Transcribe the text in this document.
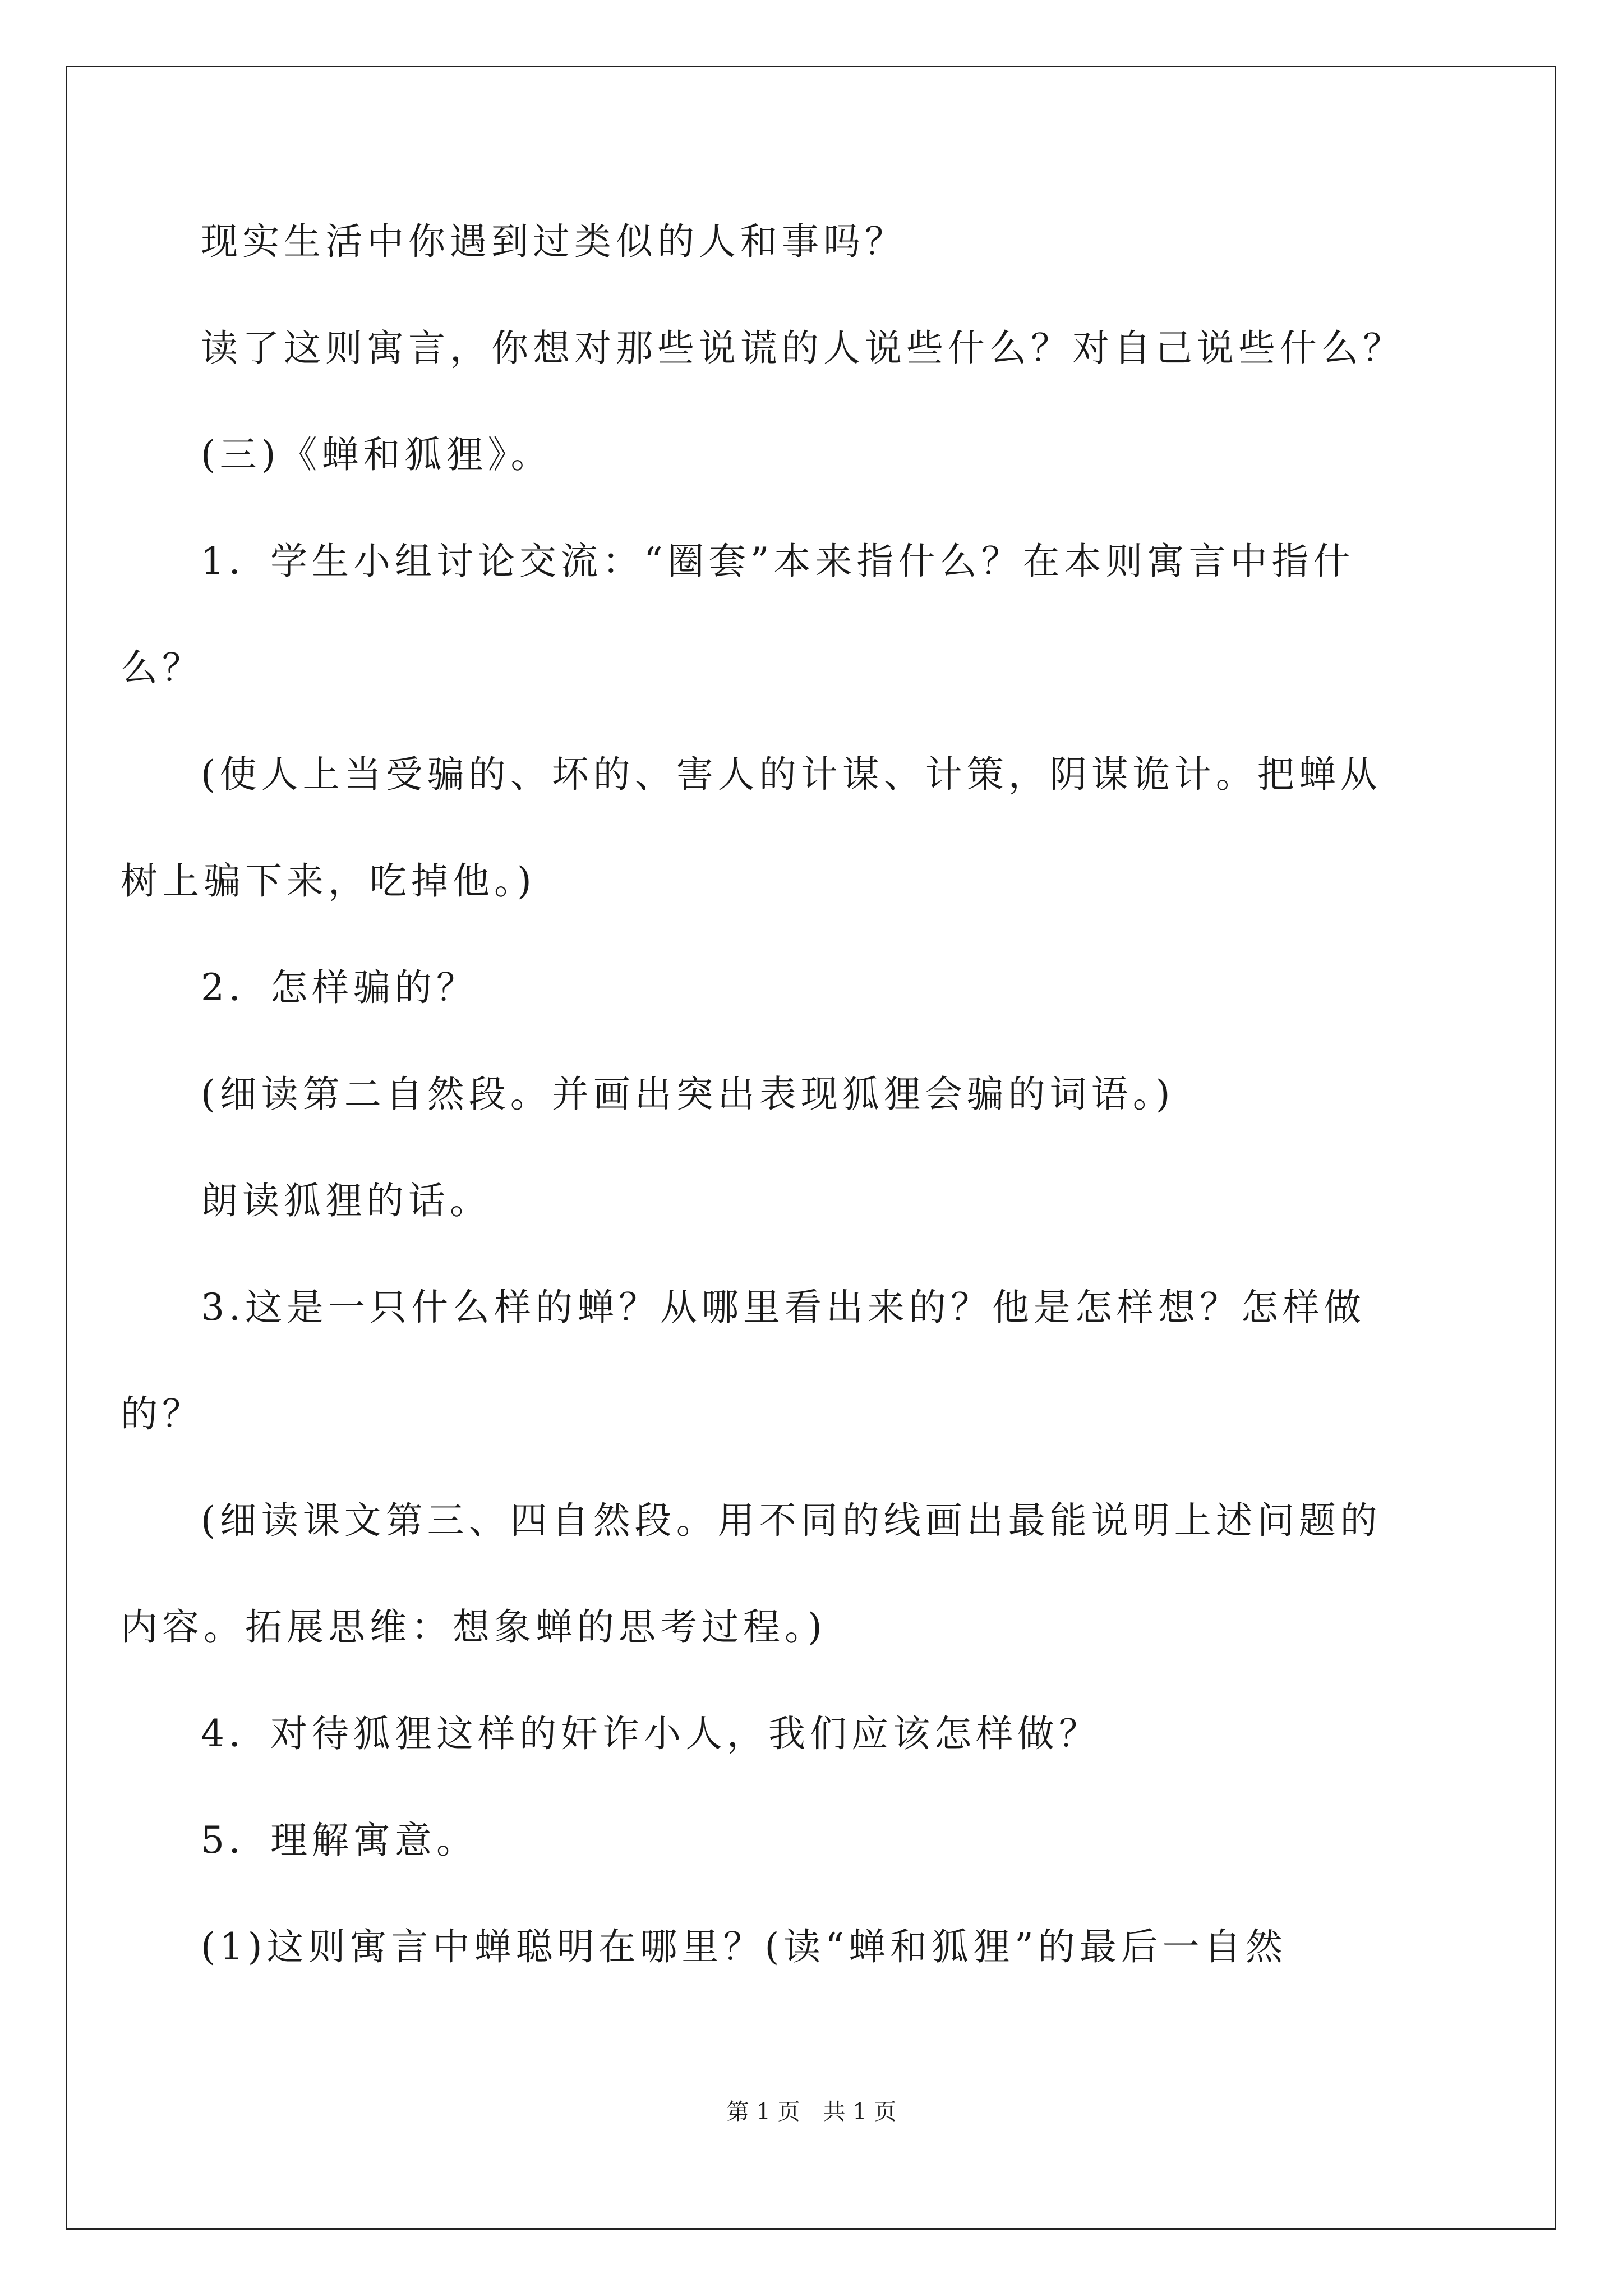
现实生活中你遇到过类似的人和事吗？
读了这则寓言，你想对那些说谎的人说些什么？对自己说些什么？
(三)《蝉和狐狸》。
1．学生小组讨论交流：“圈套”本来指什么？在本则寓言中指什
么？
(使人上当受骗的、坏的、害人的计谋、计策，阴谋诡计。把蝉从
树上骗下来，吃掉他。)
2．怎样骗的？
(细读第二自然段。并画出突出表现狐狸会骗的词语。)
朗读狐狸的话。
3.这是一只什么样的蝉？从哪里看出来的？他是怎样想？怎样做
的？
(细读课文第三、四自然段。用不同的线画出最能说明上述问题的
内容。拓展思维：想象蝉的思考过程。)
4．对待狐狸这样的奸诈小人，我们应该怎样做？
5．理解寓意。
(1)这则寓言中蝉聪明在哪里？(读“蝉和狐狸”的最后一自然
第 1 页 共 1 页
